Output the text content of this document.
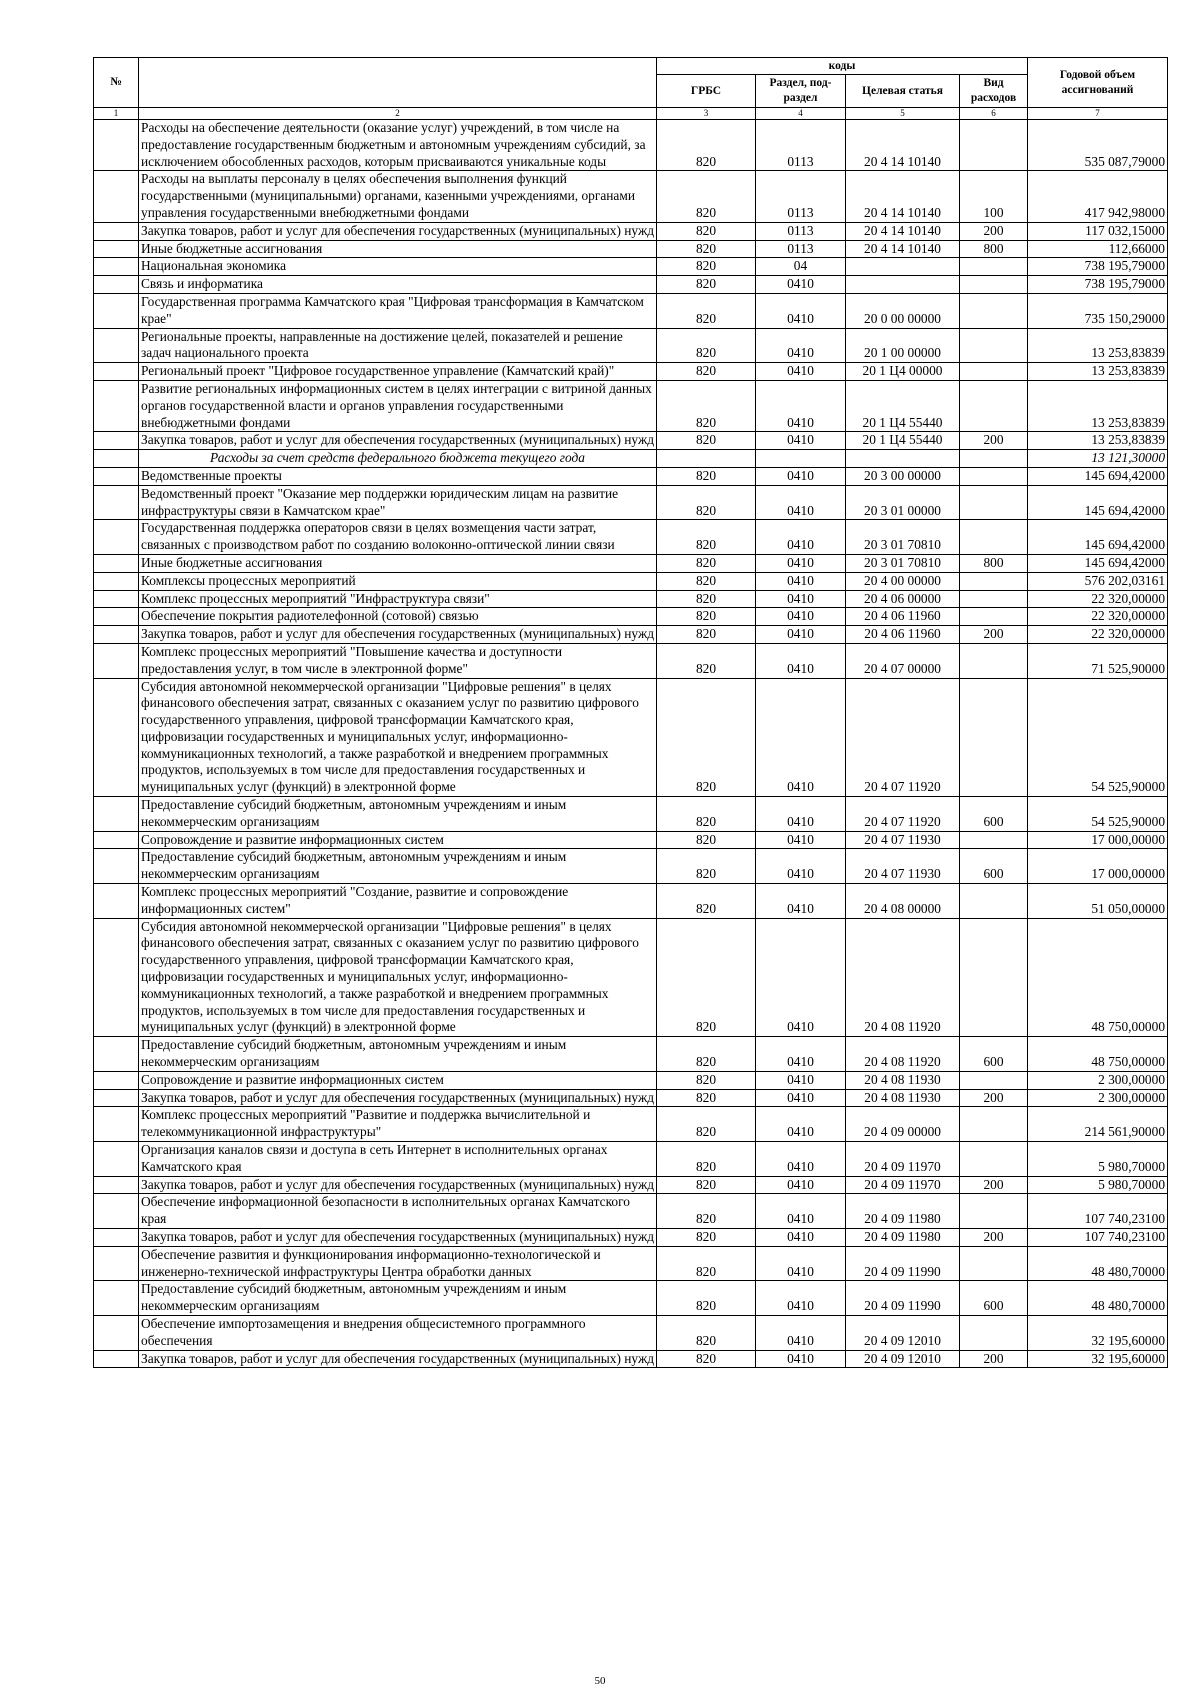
№		коды				Годовой объем ассигнований
		ГРБС	Раздел, под-раздел	Целевая статья	Вид расходов	
1	2	3	4	5	6	7
	Расходы на обеспечение деятельности (оказание услуг) учреждений, в том числе на предоставление государственным бюджетным и автономным учреждениям субсидий, за исключением обособленных расходов, которым присваиваются уникальные коды	820	0113	20 4 14 10140		535 087,79000
	Расходы на выплаты персоналу в целях обеспечения выполнения функций государственными (муниципальными) органами, казенными учреждениями, органами управления государственными внебюджетными фондами	820	0113	20 4 14 10140	100	417 942,98000
	Закупка товаров, работ и услуг для обеспечения государственных (муниципальных) нужд	820	0113	20 4 14 10140	200	117 032,15000
	Иные бюджетные ассигнования	820	0113	20 4 14 10140	800	112,66000
	Национальная экономика	820	04			738 195,79000
	Связь и информатика	820	0410			738 195,79000
	Государственная программа Камчатского края "Цифровая трансформация в Камчатском крае"	820	0410	20 0 00 00000		735 150,29000
	Региональные проекты, направленные на достижение целей, показателей и решение задач национального проекта	820	0410	20 1 00 00000		13 253,83839
	Региональный проект "Цифровое государственное управление (Камчатский край)"	820	0410	20 1 Ц4 00000		13 253,83839
	Развитие региональных информационных систем в целях интеграции с витриной данных органов государственной власти и органов управления государственными внебюджетными фондами	820	0410	20 1 Ц4 55440		13 253,83839
	Закупка товаров, работ и услуг для обеспечения государственных (муниципальных) нужд	820	0410	20 1 Ц4 55440	200	13 253,83839
	Расходы за счет средств федерального бюджета текущего года					13 121,30000
	Ведомственные проекты	820	0410	20 3 00 00000		145 694,42000
	Ведомственный проект "Оказание мер поддержки юридическим лицам на развитие инфраструктуры связи в Камчатском крае"	820	0410	20 3 01 00000		145 694,42000
	Государственная поддержка операторов связи в целях возмещения части затрат, связанных с производством работ по созданию волоконно-оптической линии связи	820	0410	20 3 01 70810		145 694,42000
	Иные бюджетные ассигнования	820	0410	20 3 01 70810	800	145 694,42000
	Комплексы процессных мероприятий	820	0410	20 4 00 00000		576 202,03161
	Комплекс процессных мероприятий "Инфраструктура связи"	820	0410	20 4 06 00000		22 320,00000
	Обеспечение покрытия радиотелефонной (сотовой) связью	820	0410	20 4 06 11960		22 320,00000
	Закупка товаров, работ и услуг для обеспечения государственных (муниципальных) нужд	820	0410	20 4 06 11960	200	22 320,00000
	Комплекс процессных мероприятий "Повышение качества и доступности предоставления услуг, в том числе в электронной форме"	820	0410	20 4 07 00000		71 525,90000
	Субсидия автономной некоммерческой организации "Цифровые решения" в целях финансового обеспечения затрат, связанных с оказанием услуг по развитию цифрового государственного управления, цифровой трансформации Камчатского края, цифровизации государственных и муниципальных услуг, информационно-коммуникационных технологий, а также разработкой и внедрением программных продуктов, используемых в том числе для предоставления государственных и муниципальных услуг (функций) в электронной форме	820	0410	20 4 07 11920		54 525,90000
	Предоставление субсидий бюджетным, автономным учреждениям и иным некоммерческим организациям	820	0410	20 4 07 11920	600	54 525,90000
	Сопровождение и развитие информационных систем	820	0410	20 4 07 11930		17 000,00000
	Предоставление субсидий бюджетным, автономным учреждениям и иным некоммерческим организациям	820	0410	20 4 07 11930	600	17 000,00000
	Комплекс процессных мероприятий "Создание, развитие и сопровождение информационных систем"	820	0410	20 4 08 00000		51 050,00000
	Субсидия автономной некоммерческой организации "Цифровые решения" в целях финансового обеспечения затрат, связанных с оказанием услуг по развитию цифрового государственного управления, цифровой трансформации Камчатского края, цифровизации государственных и муниципальных услуг, информационно-коммуникационных технологий, а также разработкой и внедрением программных продуктов, используемых в том числе для предоставления государственных и муниципальных услуг (функций) в электронной форме	820	0410	20 4 08 11920		48 750,00000
	Предоставление субсидий бюджетным, автономным учреждениям и иным некоммерческим организациям	820	0410	20 4 08 11920	600	48 750,00000
	Сопровождение и развитие информационных систем	820	0410	20 4 08 11930		2 300,00000
	Закупка товаров, работ и услуг для обеспечения государственных (муниципальных) нужд	820	0410	20 4 08 11930	200	2 300,00000
	Комплекс процессных мероприятий "Развитие и поддержка вычислительной и телекоммуникационной инфраструктуры"	820	0410	20 4 09 00000		214 561,90000
	Организация каналов связи и доступа в сеть Интернет в исполнительных органах Камчатского края	820	0410	20 4 09 11970		5 980,70000
	Закупка товаров, работ и услуг для обеспечения государственных (муниципальных) нужд	820	0410	20 4 09 11970	200	5 980,70000
	Обеспечение информационной безопасности в исполнительных органах Камчатского края	820	0410	20 4 09 11980		107 740,23100
	Закупка товаров, работ и услуг для обеспечения государственных (муниципальных) нужд	820	0410	20 4 09 11980	200	107 740,23100
	Обеспечение развития и функционирования информационно-технологической и инженерно-технической инфраструктуры Центра обработки данных	820	0410	20 4 09 11990		48 480,70000
	Предоставление субсидий бюджетным, автономным учреждениям и иным некоммерческим организациям	820	0410	20 4 09 11990	600	48 480,70000
	Обеспечение импортозамещения и внедрения общесистемного программного обеспечения	820	0410	20 4 09 12010		32 195,60000
	Закупка товаров, работ и услуг для обеспечения государственных (муниципальных) нужд	820	0410	20 4 09 12010	200	32 195,60000
50
